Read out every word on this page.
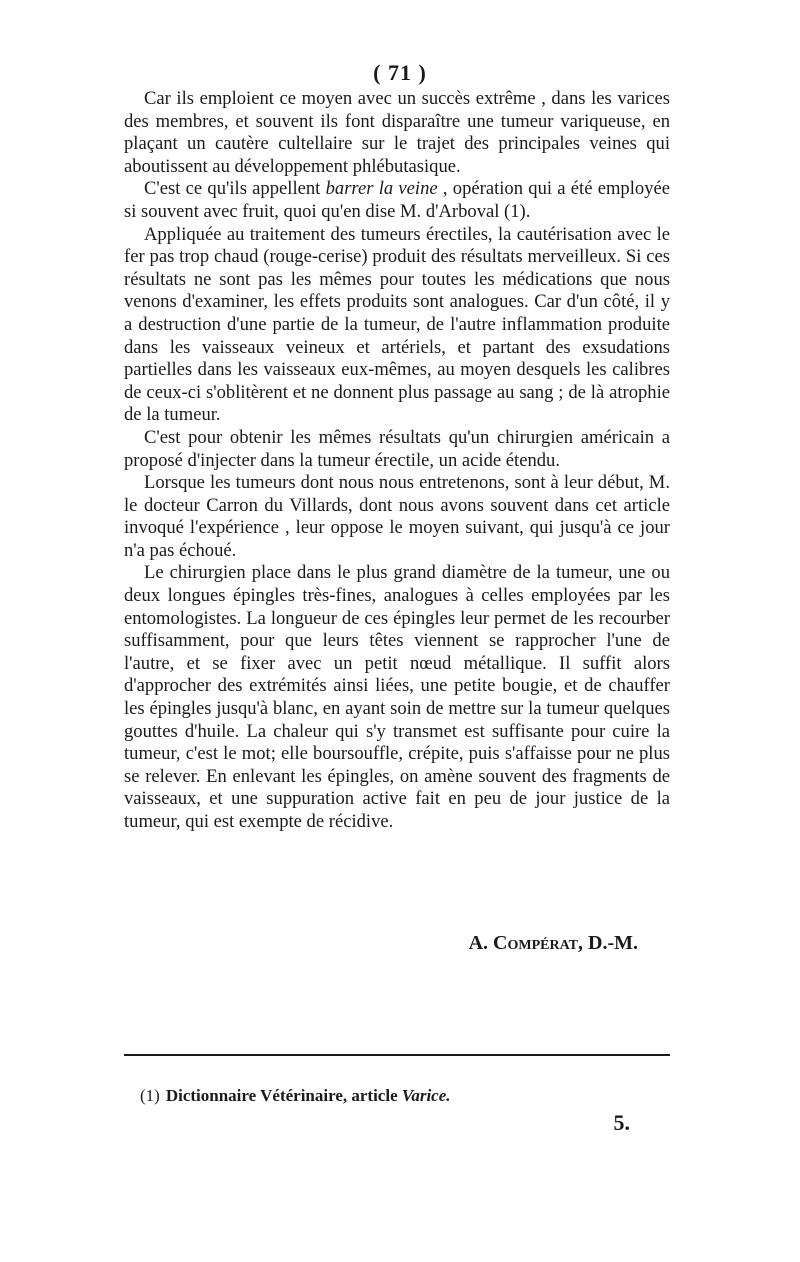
( 71 )

Car ils emploient ce moyen avec un succès extrême , dans les varices des membres, et souvent ils font disparaître une tumeur variqueuse, en plaçant un cautère cultellaire sur le trajet des principales veines qui aboutissent au développement phlébutasique.

C'est ce qu'ils appellent barrer la veine , opération qui a été employée si souvent avec fruit, quoi qu'en dise M. d'Arboval (1).

Appliquée au traitement des tumeurs érectiles, la cautérisation avec le fer pas trop chaud (rouge-cerise) produit des résultats merveilleux. Si ces résultats ne sont pas les mêmes pour toutes les médications que nous venons d'examiner, les effets produits sont analogues. Car d'un côté, il y a destruction d'une partie de la tumeur, de l'autre inflammation produite dans les vaisseaux veineux et artériels, et partant des exsudations partielles dans les vaisseaux eux-mêmes, au moyen desquels les calibres de ceux-ci s'oblitèrent et ne donnent plus passage au sang ; de là atrophie de la tumeur.

C'est pour obtenir les mêmes résultats qu'un chirurgien américain a proposé d'injecter dans la tumeur érectile, un acide étendu.

Lorsque les tumeurs dont nous nous entretenons, sont à leur début, M. le docteur Carron du Villards, dont nous avons souvent dans cet article invoqué l'expérience , leur oppose le moyen suivant, qui jusqu'à ce jour n'a pas échoué.

Le chirurgien place dans le plus grand diamètre de la tumeur, une ou deux longues épingles très-fines, analogues à celles employées par les entomologistes. La longueur de ces épingles leur permet de les recourber suffisamment, pour que leurs têtes viennent se rapprocher l'une de l'autre, et se fixer avec un petit nœud métallique. Il suffit alors d'approcher des extrémités ainsi liées, une petite bougie, et de chauffer les épingles jusqu'à blanc, en ayant soin de mettre sur la tumeur quelques gouttes d'huile. La chaleur qui s'y transmet est suffisante pour cuire la tumeur, c'est le mot; elle boursouffle, crépite, puis s'affaisse pour ne plus se relever. En enlevant les épingles, on amène souvent des fragments de vaisseaux, et une suppuration active fait en peu de jour justice de la tumeur, qui est exempte de récidive.

A. Compérat, D.-M.
(1) Dictionnaire Vétérinaire, article Varice.
5.
